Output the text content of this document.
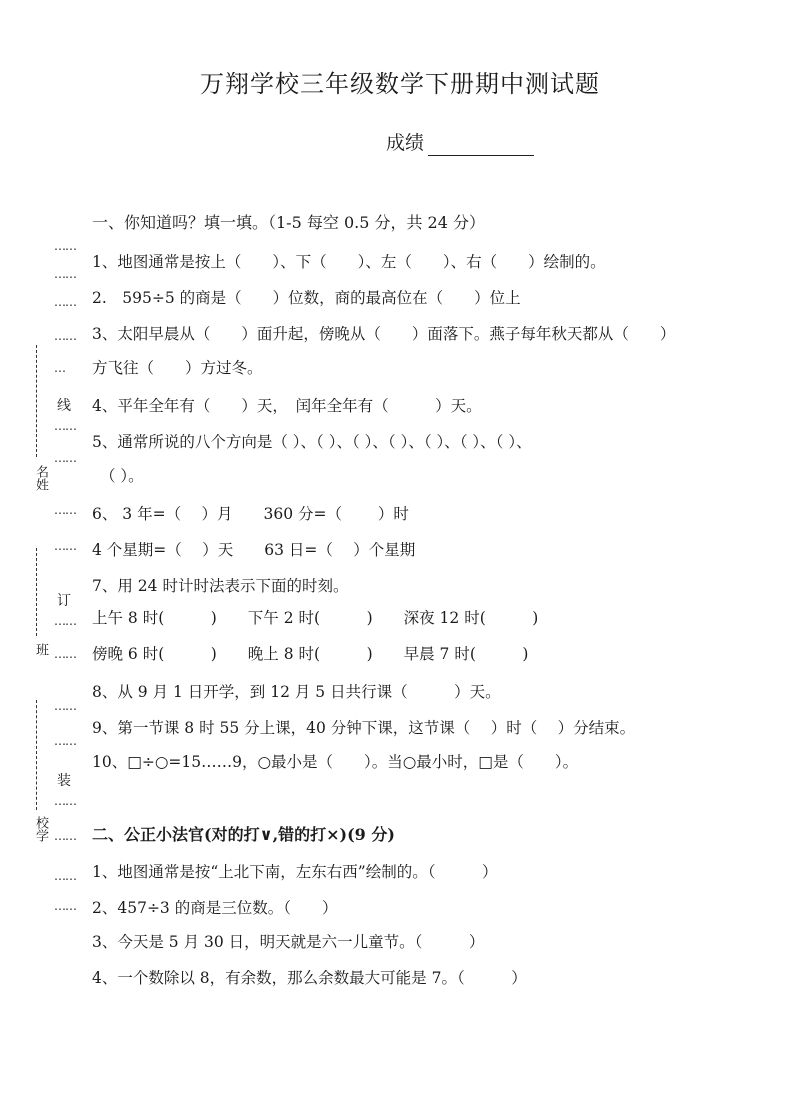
万翔学校三年级数学下册期中测试题
成绩
……
……
……
……
…
线
……
……
……
……
订
……
……
……
……
装
……
……
……
……
名姓
班
校学
一、你知道吗？填一填。（1-5 每空 0.5 分，共 24 分）
1、地图通常是按上（　　）、下（　　）、左（　　）、右（　　）绘制的。
2.　595÷5 的商是（　　）位数，商的最高位在（　　）位上
3、太阳早晨从（　　）面升起，傍晚从（　　）面落下。燕子每年秋天都从（　　）
方飞往（　　）方过冬。
4、平年全年有（　　）天，　闰年全年有（　　　）天。
5、通常所说的八个方向是（ ）、（ ）、（ ）、（ ）、（ ）、（ ）、（ ）、
（ ）。
6、 3 年=（　 ）月　　360 分=（　　 ）时
4 个星期=（　 ）天　　63 日=（　 ）个星期
7、用 24 时计时法表示下面的时刻。
上午 8 时(　　　)　　下午 2 时(　　　)　　深夜 12 时(　　　)
傍晚 6 时(　　　)　　晚上 8 时(　　　)　　早晨 7 时(　　　)
8、从 9 月 1 日开学，到 12 月 5 日共行课（　　　）天。
9、第一节课 8 时 55 分上课，40 分钟下课，这节课（　 ）时（　 ）分结束。
10、□÷○=15……9，○最小是（　　）。当○最小时，□是（　　）。
二、公正小法官(对的打∨,错的打×)(9 分)
1、地图通常是按“上北下南，左东右西”绘制的。（　　　）
2、457÷3 的商是三位数。（　　）
3、今天是 5 月 30 日，明天就是六一儿童节。（　　　）
4、一个数除以 8，有余数，那么余数最大可能是 7。（　　　）
